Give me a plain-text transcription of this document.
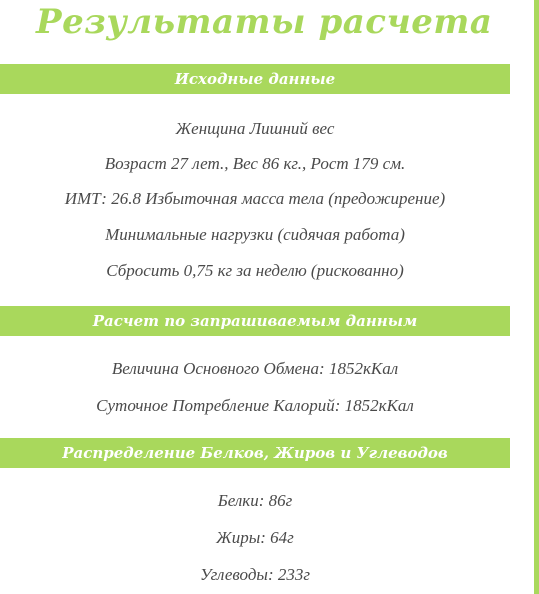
Результаты расчета
Исходные данные
Женщина Лишний вес
Возраст 27 лет., Вес 86 кг., Рост 179 см.
ИМТ: 26.8 Избыточная масса тела (предожирение)
Минимальные нагрузки (сидячая работа)
Сбросить 0,75 кг за неделю (рискованно)
Расчет по запрашиваемым данным
Величина Основного Обмена: 1852кКал
Суточное Потребление Калорий: 1852кКал
Распределение Белков, Жиров и Углеводов
Белки: 86г
Жиры: 64г
Углеводы: 233г
